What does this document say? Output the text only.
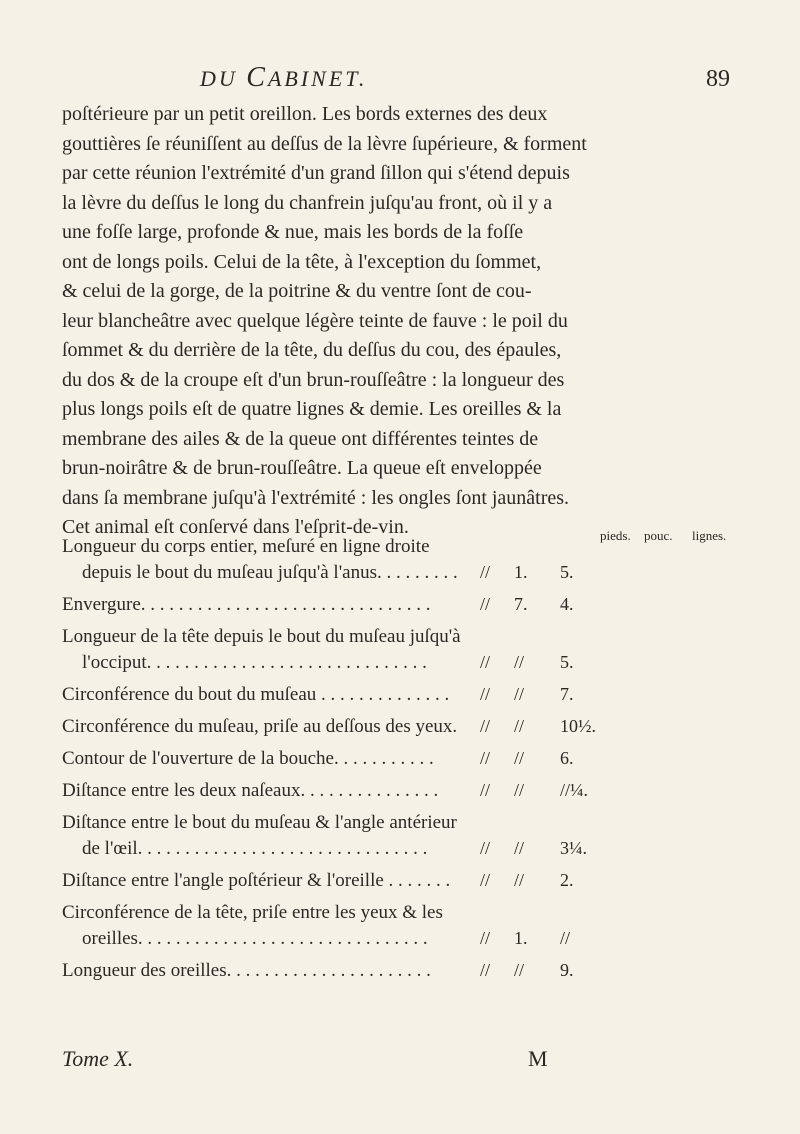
DU CABINET.	89
poſtérieure par un petit oreillon. Les bords externes des deux
gouttières ſe réuniſſent au deſſus de la lèvre ſupérieure, & forment
par cette réunion l'extrémité d'un grand ſillon qui s'étend depuis
la lèvre du deſſus le long du chanfrein juſqu'au front, où il y a
une foſſe large, profonde & nue, mais les bords de la foſſe
ont de longs poils. Celui de la tête, à l'exception du ſommet,
& celui de la gorge, de la poitrine & du ventre ſont de cou-
leur blancheâtre avec quelque légère teinte de fauve : le poil du
ſommet & du derrière de la tête, du deſſus du cou, des épaules,
du dos & de la croupe eſt d'un brun-rouſſeâtre : la longueur des
plus longs poils eſt de quatre lignes & demie. Les oreilles & la
membrane des ailes & de la queue ont différentes teintes de
brun-noirâtre & de brun-rouſſeâtre. La queue eſt enveloppée
dans ſa membrane juſqu'à l'extrémité : les ongles ſont jaunâtres.
Cet animal eſt conſervé dans l'eſprit-de-vin.	pieds. pouc. lignes.
Longueur du corps entier, meſuré en ligne droite
depuis le bout du muſeau juſqu'à l'anus. . . . . . . . .	// 1. 5.
Envergure. . . . . . . . . . . . . . . . . . . . . . . . . . . . . . .	// 7. 4.
Longueur de la tête depuis le bout du muſeau juſqu'à
l'occiput. . . . . . . . . . . . . . . . . . . . . . . . . . . . . .	// // 5.
Circonférence du bout du muſeau . . . . . . . . . . . . . .	// // 7.
Circonférence du muſeau, priſe au deſſous des yeux.	// // 10½.
Contour de l'ouverture de la bouche. . . . . . . . . . .	// // 6.
Diſtance entre les deux naſeaux. . . . . . . . . . . . . . .	// // //¼.
Diſtance entre le bout du muſeau & l'angle antérieur
de l'œil. . . . . . . . . . . . . . . . . . . . . . . . . . . . . . .	// // 3¼.
Diſtance entre l'angle poſtérieur & l'oreille . . . . . . .	// // 2.
Circonférence de la tête, priſe entre les yeux & les
oreilles. . . . . . . . . . . . . . . . . . . . . . . . . . . . . . .	// 1. //
Longueur des oreilles. . . . . . . . . . . . . . . . . . . . . .	// // 9.
Tome X.	M
